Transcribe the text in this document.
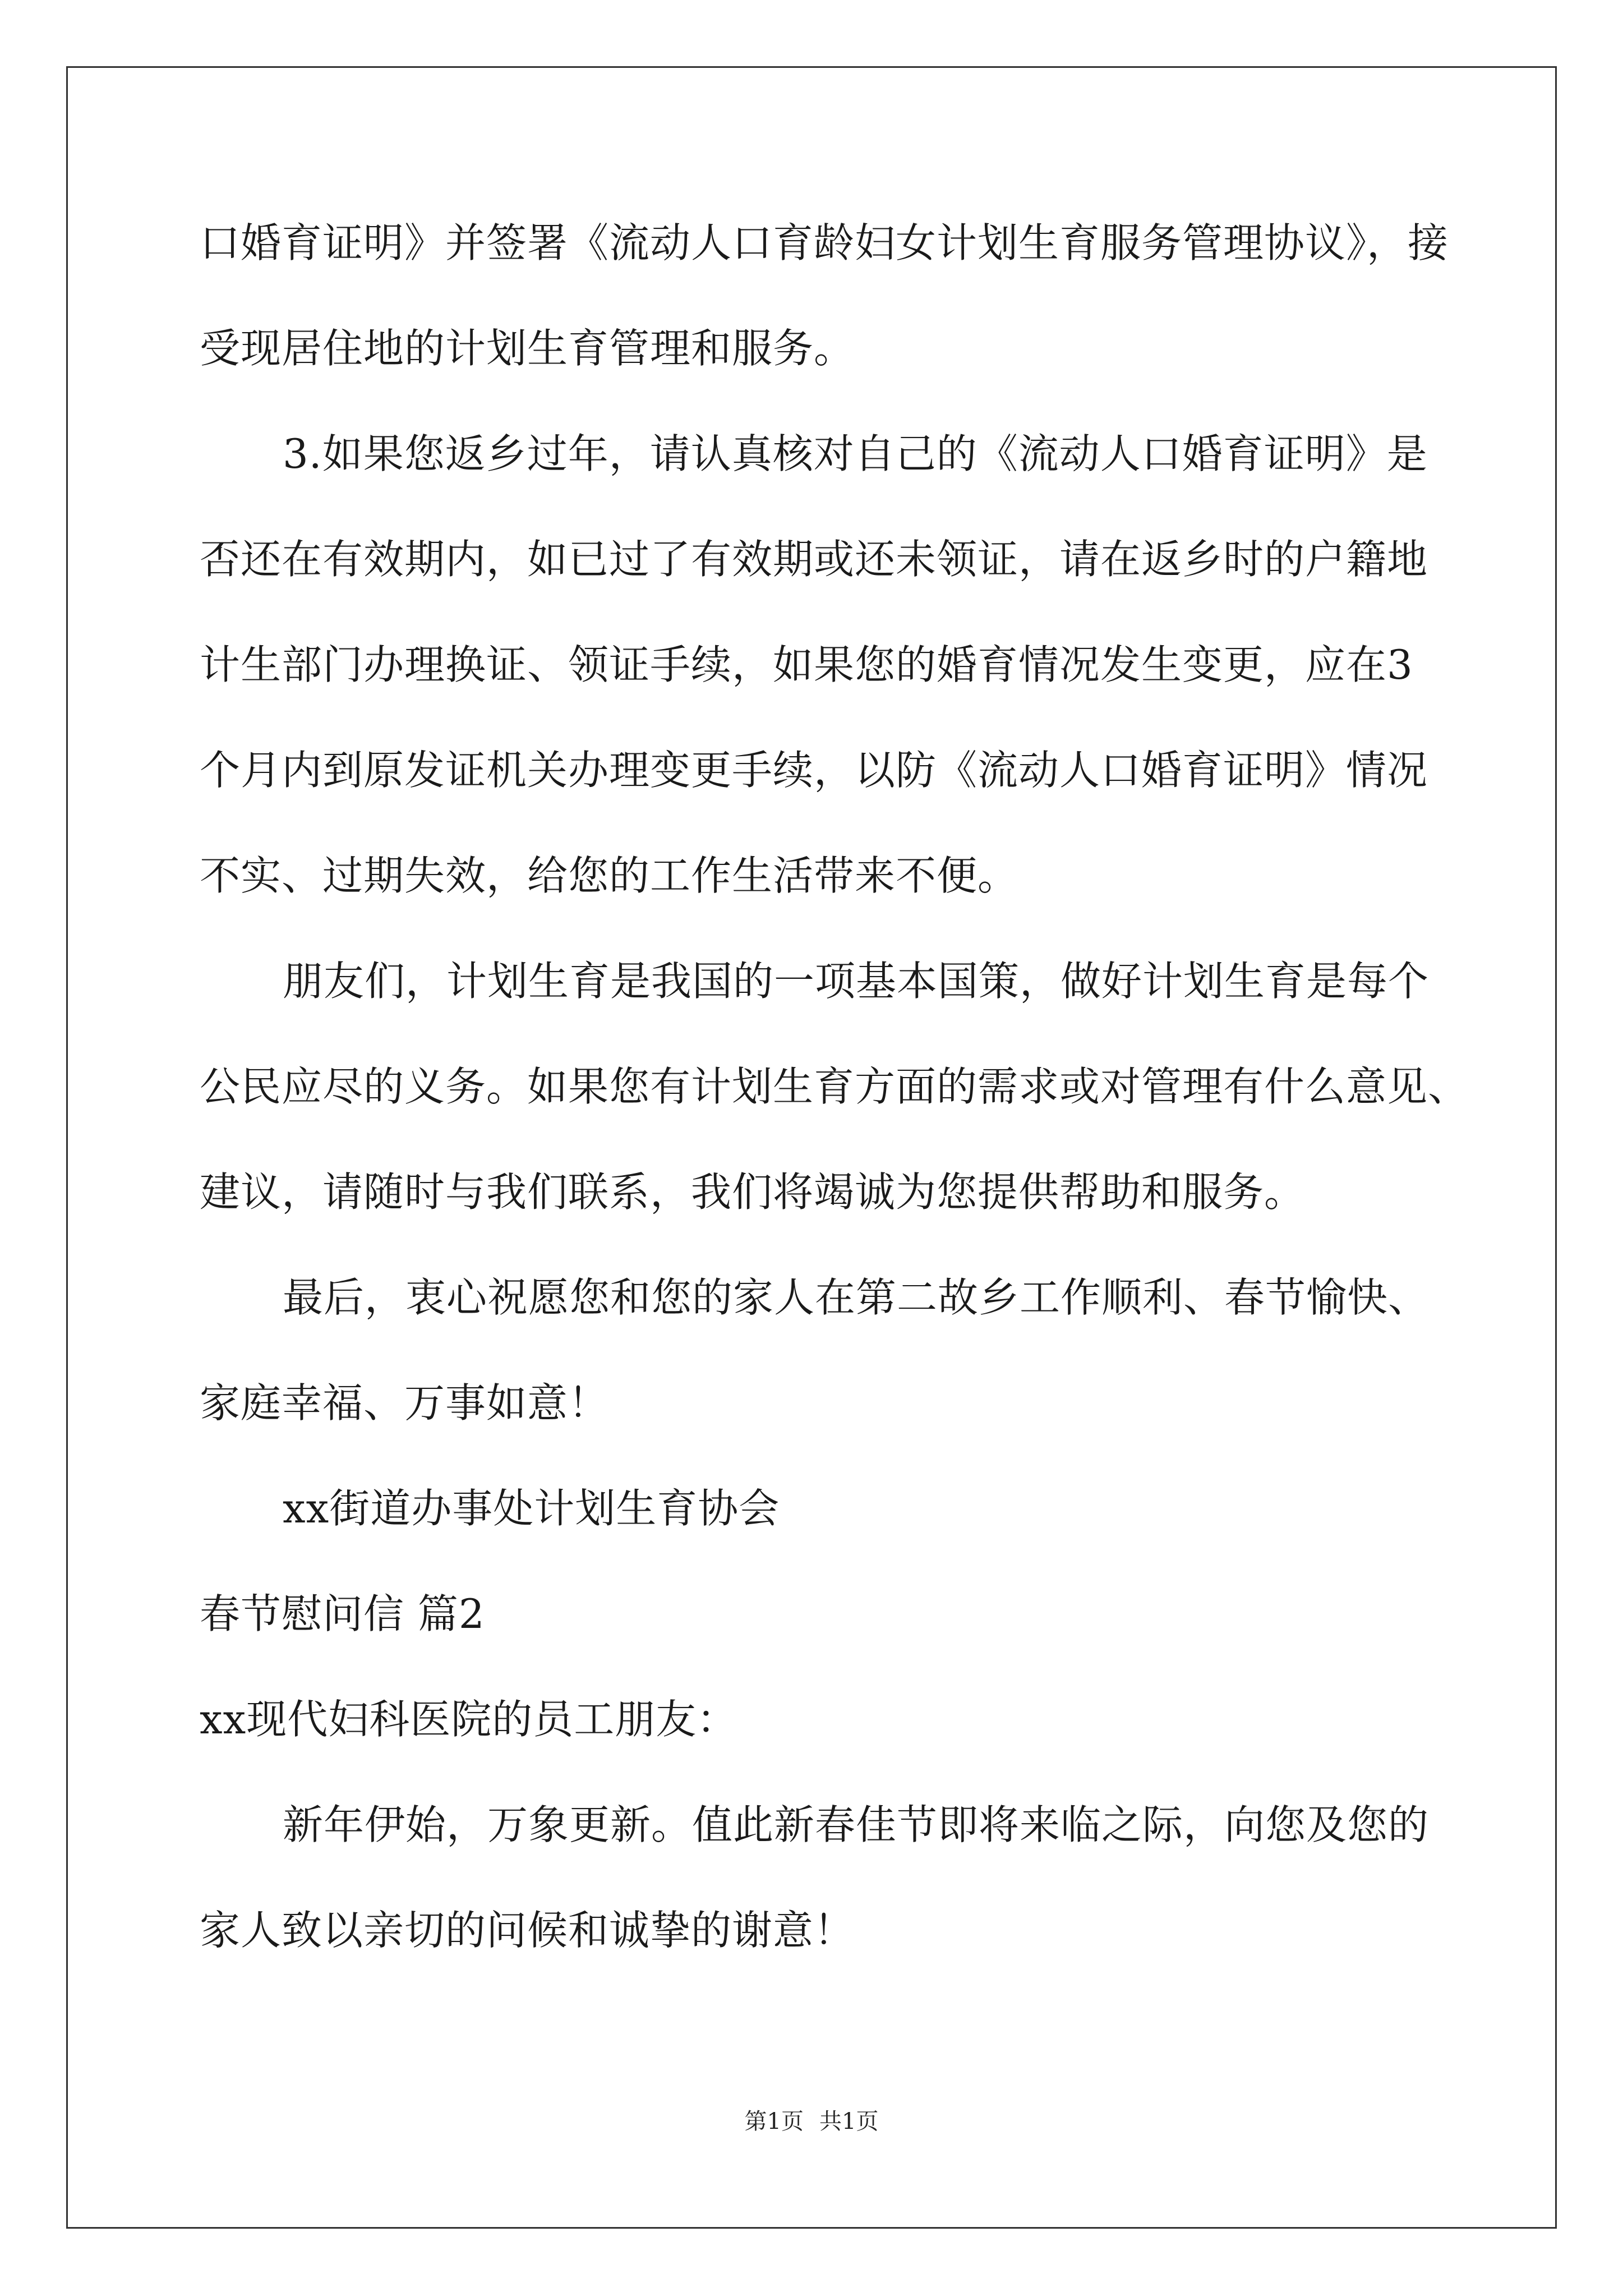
口婚育证明》并签署《流动人口育龄妇女计划生育服务管理协议》，接
受现居住地的计划生育管理和服务。
3.如果您返乡过年，请认真核对自己的《流动人口婚育证明》是
否还在有效期内，如已过了有效期或还未领证，请在返乡时的户籍地
计生部门办理换证、领证手续，如果您的婚育情况发生变更，应在3
个月内到原发证机关办理变更手续，以防《流动人口婚育证明》情况
不实、过期失效，给您的工作生活带来不便。
朋友们，计划生育是我国的一项基本国策，做好计划生育是每个
公民应尽的义务。如果您有计划生育方面的需求或对管理有什么意见、
建议，请随时与我们联系，我们将竭诚为您提供帮助和服务。
最后，衷心祝愿您和您的家人在第二故乡工作顺利、春节愉快、
家庭幸福、万事如意！
xx街道办事处计划生育协会
春节慰问信 篇2
xx现代妇科医院的员工朋友：
新年伊始，万象更新。值此新春佳节即将来临之际，向您及您的
家人致以亲切的问候和诚挚的谢意！
第1页 共1页
